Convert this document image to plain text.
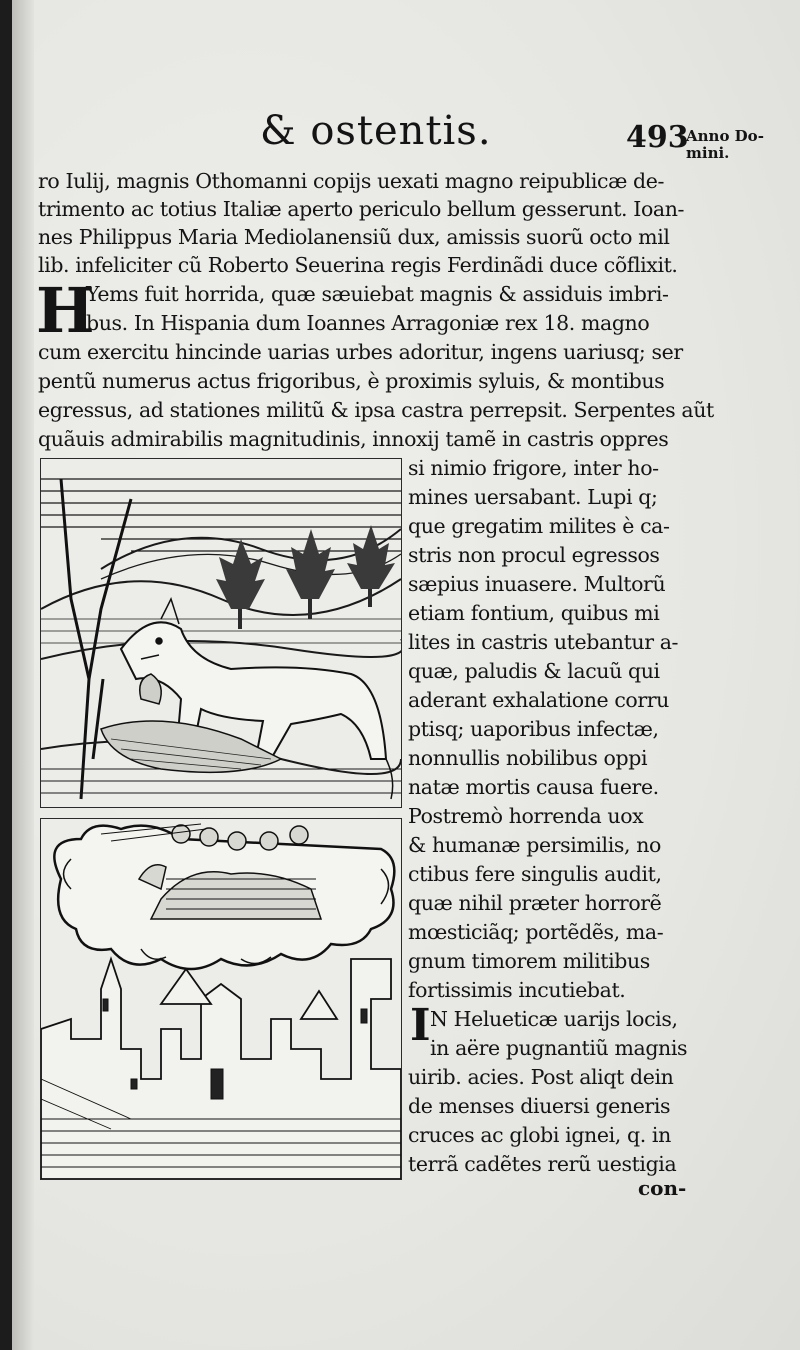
& ostentis.	493
Anno Do-
mini.
ro Iulij, magnis Othomanni copijs uexati magno reipublicæ de-
trimento ac totius Italiæ aperto periculo bellum gesserunt. Ioan-
nes Philippus Maria Mediolanensiũ dux, amissis suorũ octo mil
lib. infeliciter cũ Roberto Seuerina regis Ferdinãdi duce cõflixit.
H
Yems fuit horrida, quæ sæuiebat magnis & assiduis imbri-
bus. In Hispania dum Ioannes Arragoniæ rex 18. magno
cum exercitu hincinde uarias urbes adoritur, ingens uariusq; ser
pentũ numerus actus frigoribus, è proximis syluis, & montibus
egressus, ad stationes militũ & ipsa castra perrepsit. Serpentes aũt
quãuis admirabilis magnitudinis, innoxij tamẽ in castris oppres
si nimio frigore, inter ho-
mines uersabant. Lupi q;
que gregatim milites è ca-
stris non procul egressos
sæpius inuasere. Multorũ
etiam fontium, quibus mi
lites in castris utebantur a-
quæ, paludis & lacuũ qui
aderant exhalatione corru
ptisq; uaporibus infectæ,
nonnullis nobilibus oppi
natæ mortis causa fuere.
Postremò horrenda uox
& humanæ persimilis, no
ctibus fere singulis audit,
quæ nihil præter horrorẽ
mœsticiãq; portẽdẽs, ma-
gnum timorem militibus
fortissimis incutiebat.
I N Helueticæ uarijs locis,
in aëre pugnantiũ magnis
uirib. acies. Post aliqt dein
de menses diuersi generis
cruces ac globi ignei, q. in
terrã cadẽtes rerũ uestigia
con-
